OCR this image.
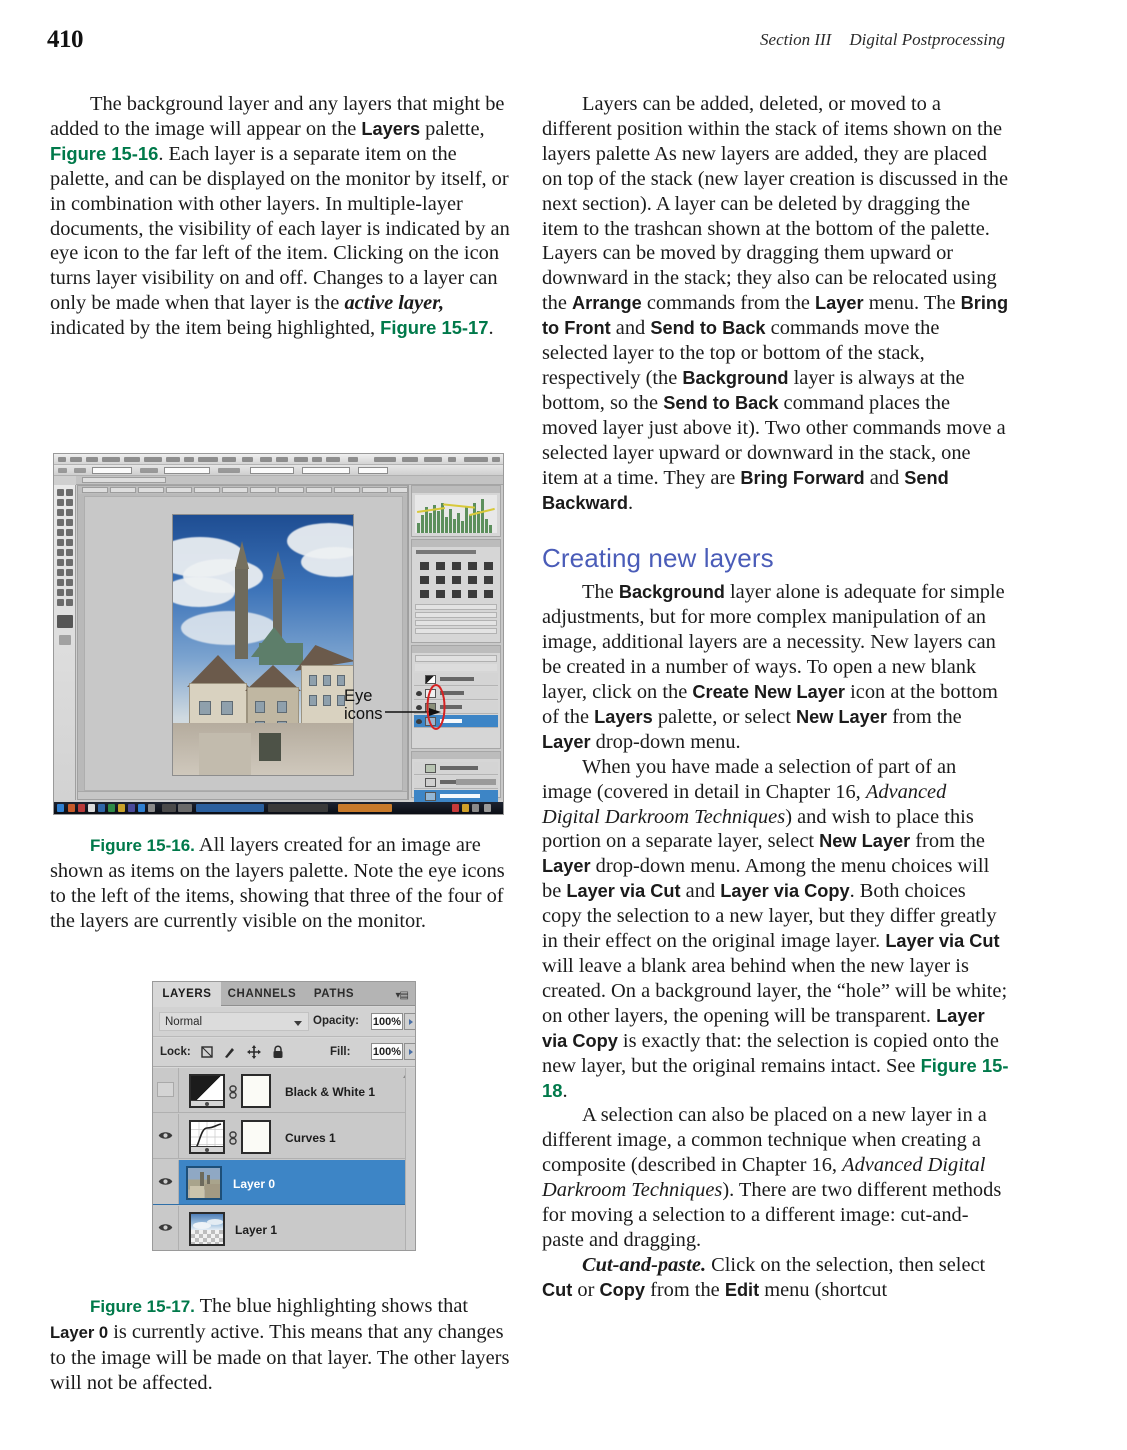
410	Section III Digital Postprocessing

The background layer and any layers that might be added to the image will appear on the Layers palette, Figure 15-16. Each layer is a separate item on the palette, and can be displayed on the monitor by itself, or in combination with other layers. In multiple-layer documents, the visibility of each layer is indicated by an eye icon to the far left of the item. Clicking on the icon turns layer visibility on and off. Changes to a layer can only be made when that layer is the active layer, indicated by the item being highlighted, Figure 15-17.

Eye
icons

Figure 15-16. All layers created for an image are shown as items on the layers palette. Note the eye icons to the left of the items, showing that three of the four of the layers are currently visible on the monitor.

LAYERS	CHANNELS	PATHS	▾▤
Normal	Opacity: 100%
Lock:	Fill: 100%
Black & White 1
Curves 1
Layer 0
Layer 1

Figure 15-17. The blue highlighting shows that Layer 0 is currently active. This means that any changes to the image will be made on that layer. The other layers will not be affected.

Layers can be added, deleted, or moved to a different position within the stack of items shown on the layers palette As new layers are added, they are placed on top of the stack (new layer creation is discussed in the next section). A layer can be deleted by dragging the item to the trashcan shown at the bottom of the palette. Layers can be moved by dragging them upward or downward in the stack; they also can be relocated using the Arrange commands from the Layer menu. The Bring to Front and Send to Back commands move the selected layer to the top or bottom of the stack, respectively (the Background layer is always at the bottom, so the Send to Back command places the moved layer just above it). Two other commands move a selected layer upward or downward in the stack, one item at a time. They are Bring Forward and Send Backward.

Creating new layers

The Background layer alone is adequate for simple adjustments, but for more complex manipulation of an image, additional layers are a necessity. New layers can be created in a number of ways. To open a new blank layer, click on the Create New Layer icon at the bottom of the Layers palette, or select New Layer from the Layer drop-down menu.

When you have made a selection of part of an image (covered in detail in Chapter 16, Advanced Digital Darkroom Techniques) and wish to place this portion on a separate layer, select New Layer from the Layer drop-down menu. Among the menu choices will be Layer via Cut and Layer via Copy. Both choices copy the selection to a new layer, but they differ greatly in their effect on the original image layer. Layer via Cut will leave a blank area behind when the new layer is created. On a background layer, the “hole” will be white; on other layers, the opening will be transparent. Layer via Copy is exactly that: the selection is copied onto the new layer, but the original remains intact. See Figure 15-18.

A selection can also be placed on a new layer in a different image, a common technique when creating a composite (described in Chapter 16, Advanced Digital Darkroom Techniques). There are two different methods for moving a selection to a different image: cut-and-paste and dragging.

Cut-and-paste. Click on the selection, then select Cut or Copy from the Edit menu (shortcut
